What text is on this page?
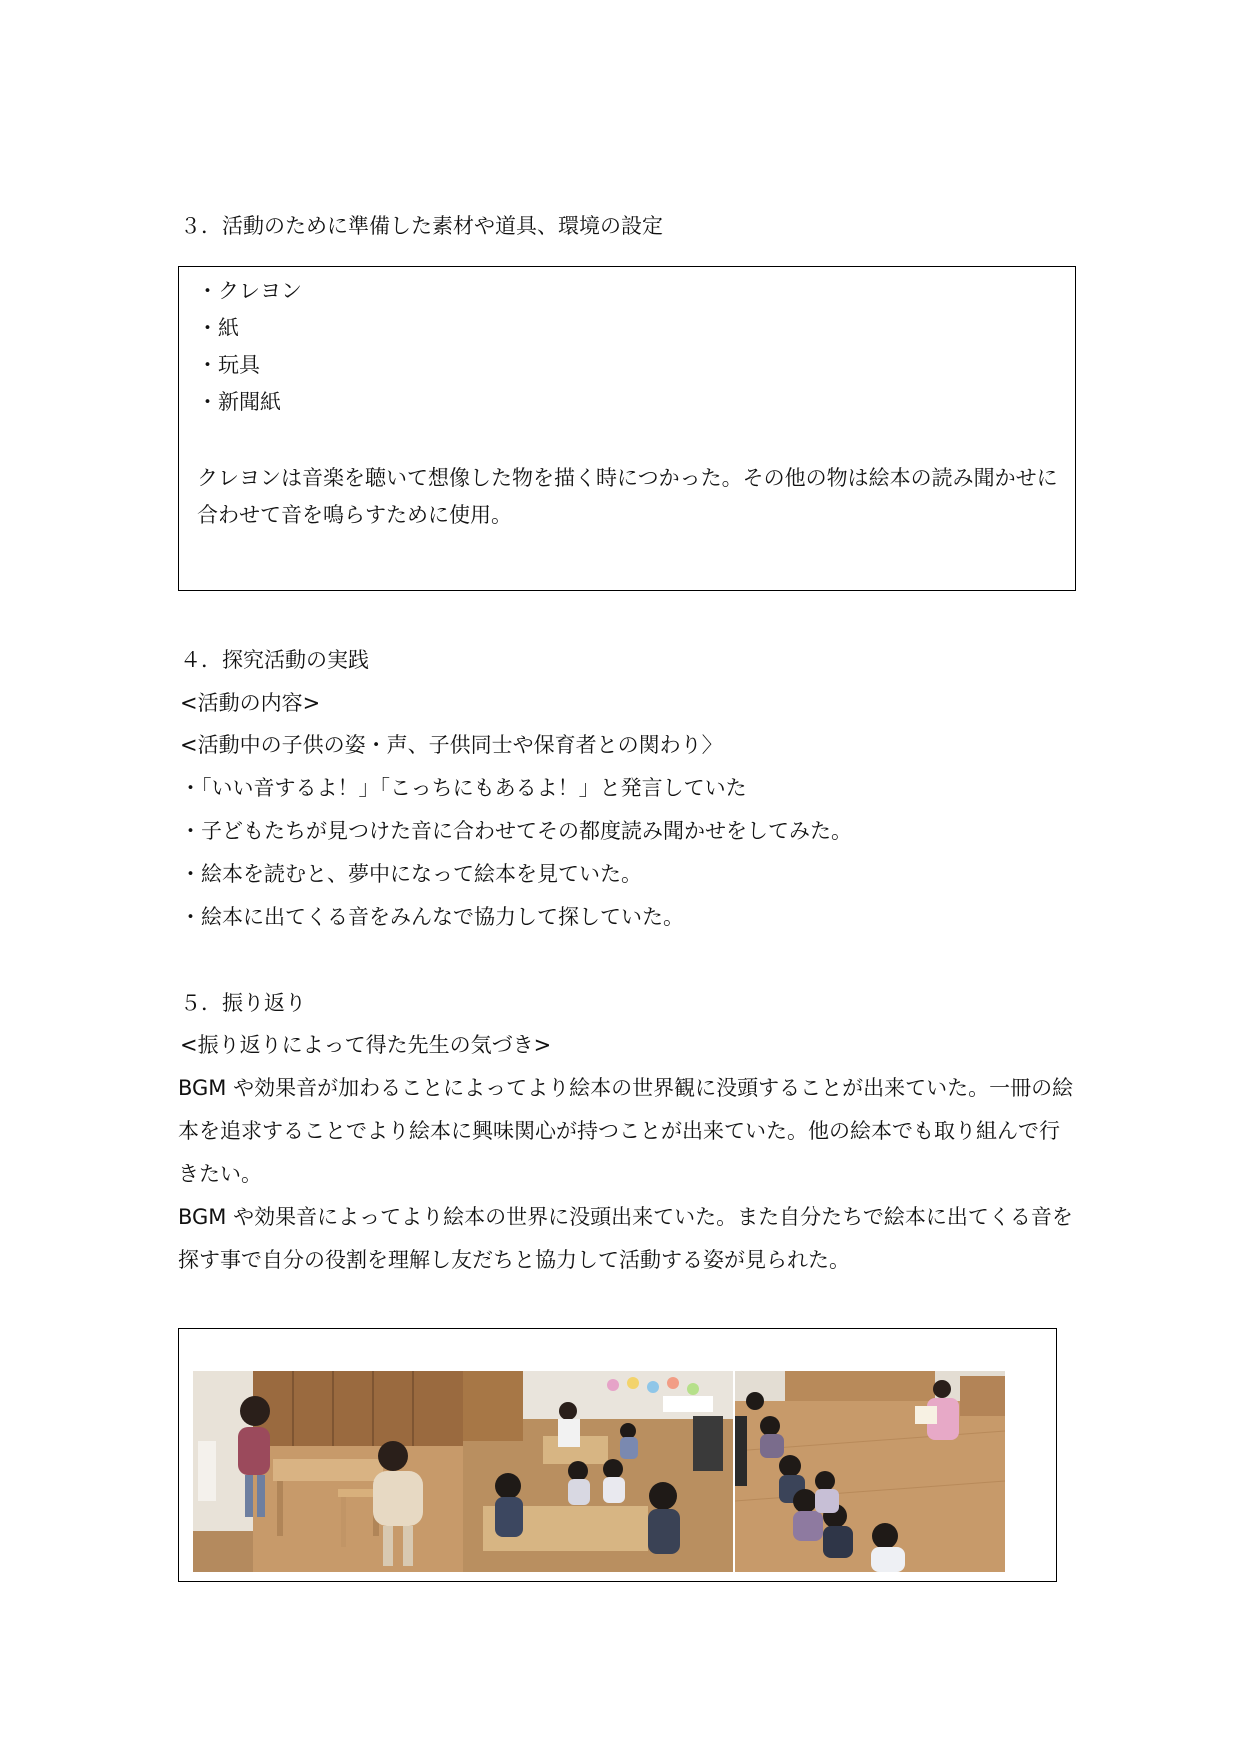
３．活動のために準備した素材や道具、環境の設定
・クレヨン
・紙
・玩具
・新聞紙
クレヨンは音楽を聴いて想像した物を描く時につかった。その他の物は絵本の読み聞かせに合わせて音を鳴らすために使用。
４．探究活動の実践
<活動の内容>
<活動中の子供の姿・声、子供同士や保育者との関わり〉
・「いい音するよ！」「こっちにもあるよ！」と発言していた
・子どもたちが見つけた音に合わせてその都度読み聞かせをしてみた。
・絵本を読むと、夢中になって絵本を見ていた。
・絵本に出てくる音をみんなで協力して探していた。
５．振り返り
<振り返りによって得た先生の気づき>
BGM や効果音が加わることによってより絵本の世界観に没頭することが出来ていた。一冊の絵本を追求することでより絵本に興味関心が持つことが出来ていた。他の絵本でも取り組んで行きたい。
BGM や効果音によってより絵本の世界に没頭出来ていた。また自分たちで絵本に出てくる音を探す事で自分の役割を理解し友だちと協力して活動する姿が見られた。
